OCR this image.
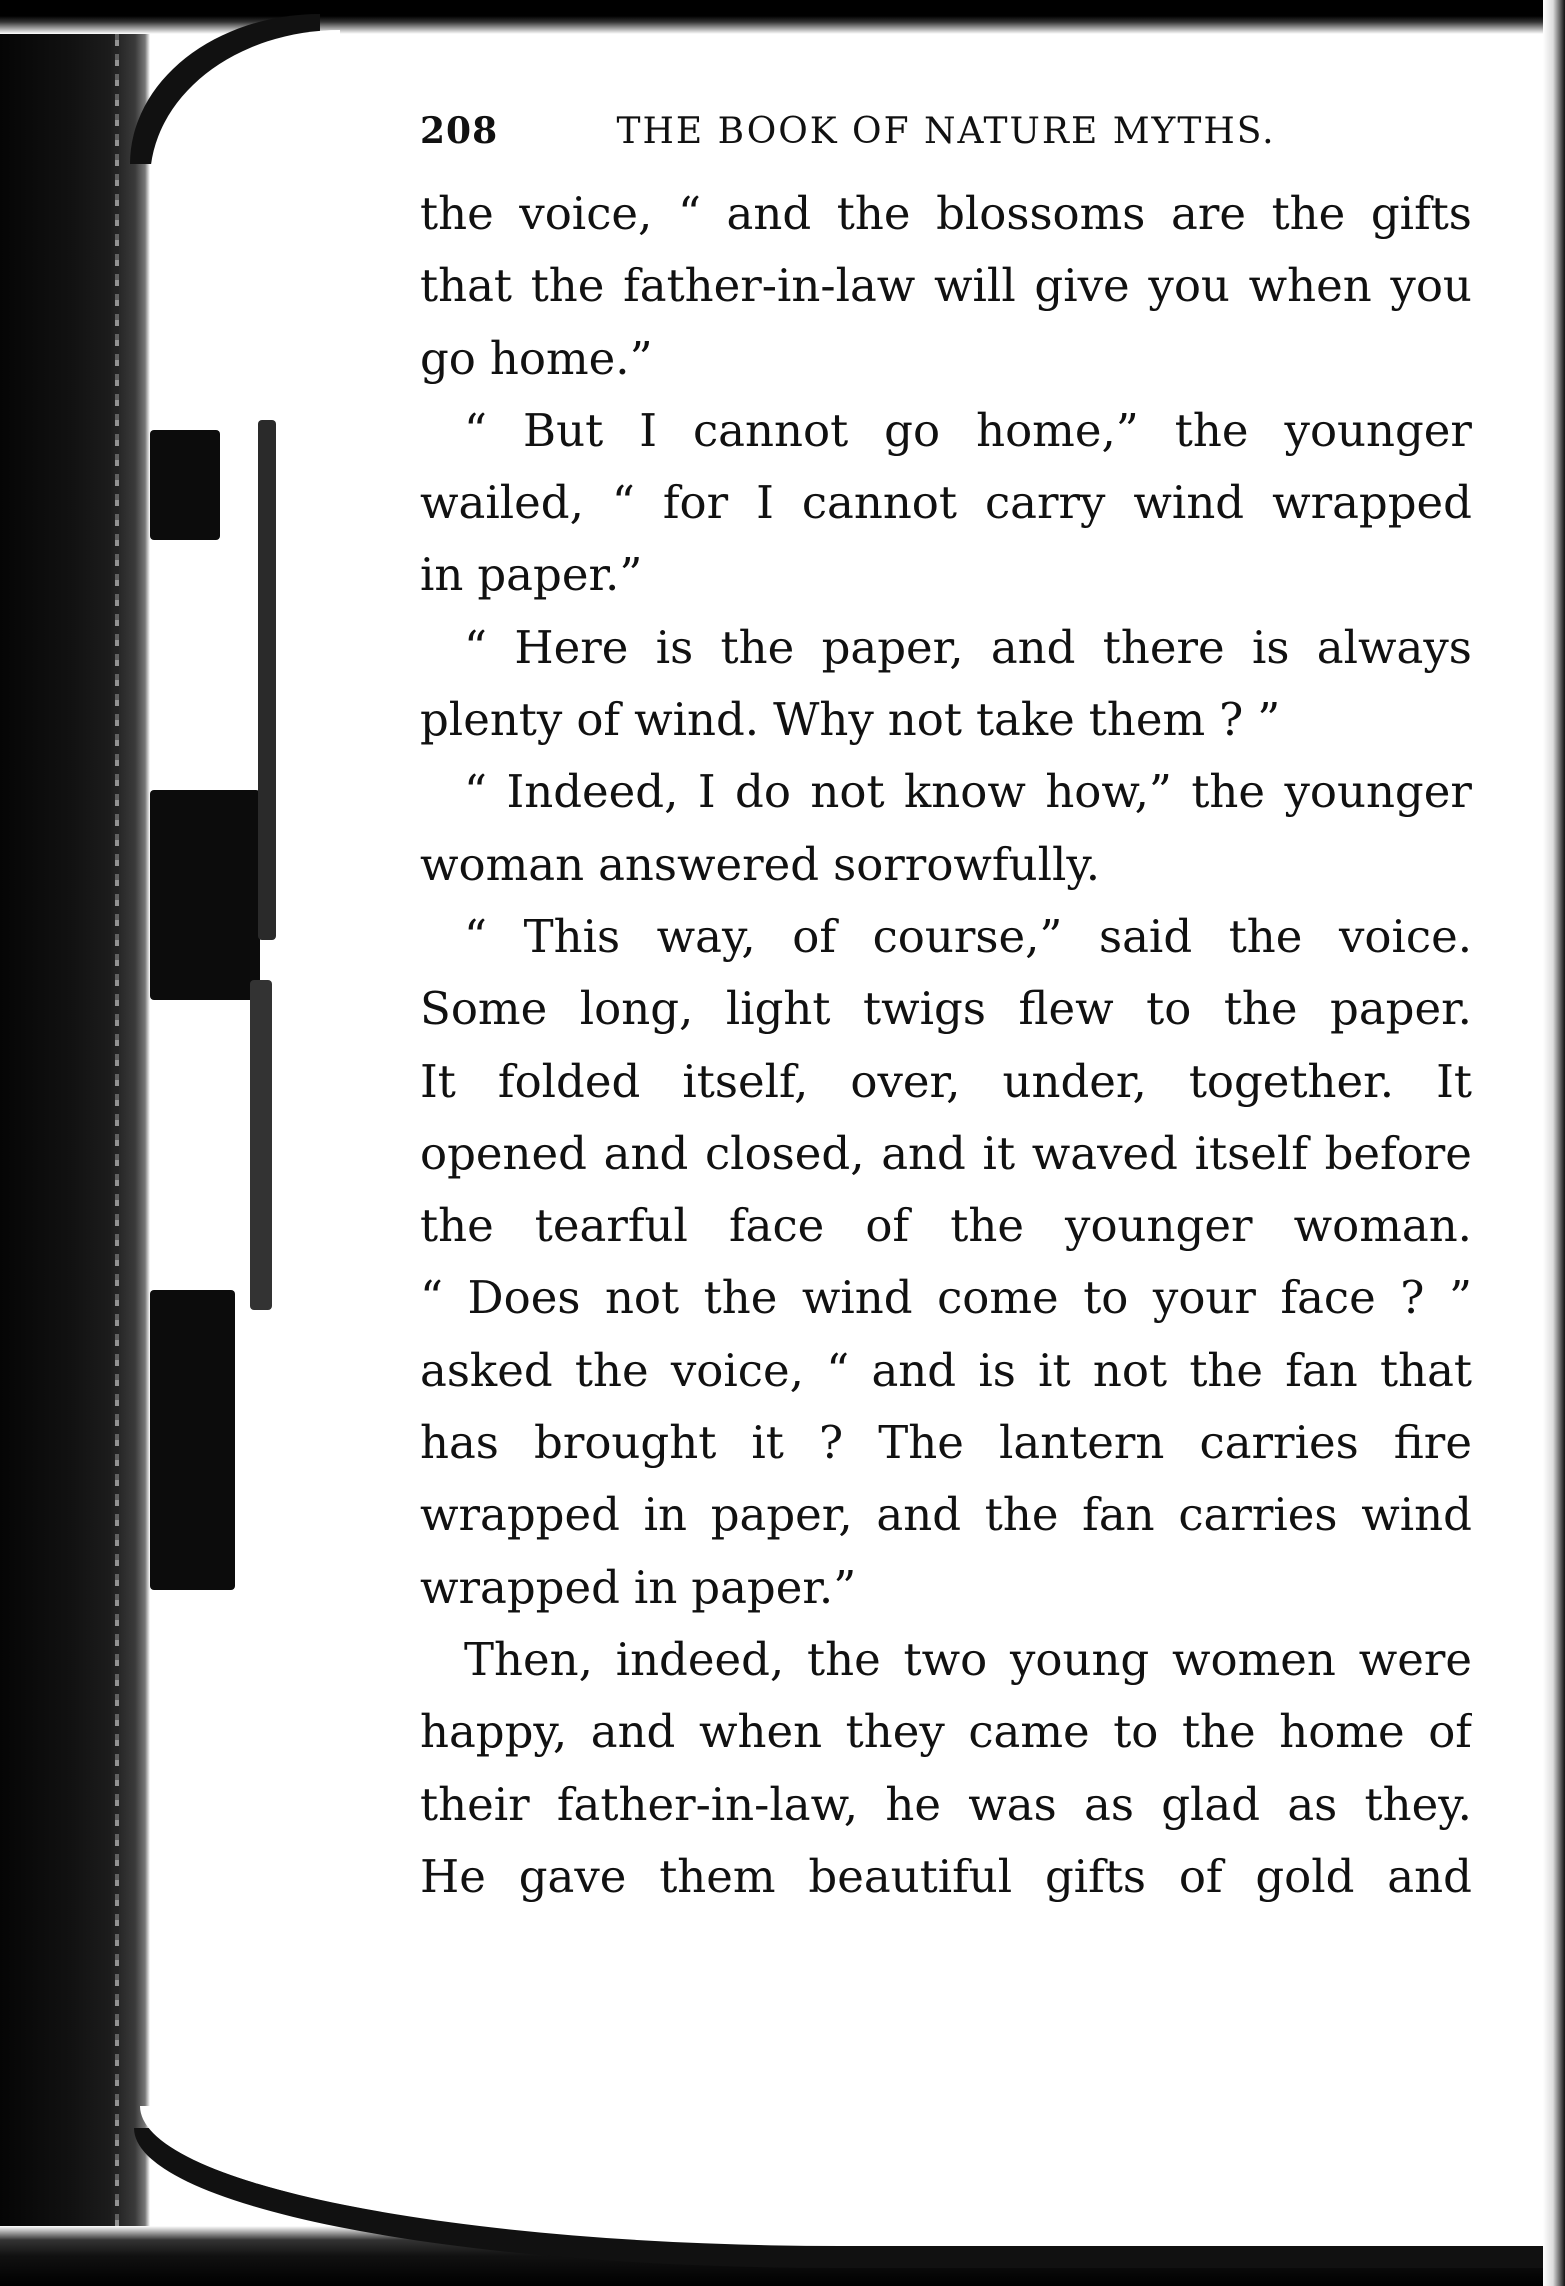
208	THE BOOK OF NATURE MYTHS.
the voice, “ and the blossoms are the gifts
that the father-in-law will give you when you
go home.”
“ But I cannot go home,” the younger
wailed, “ for I cannot carry wind wrapped
in paper.”
“ Here is the paper, and there is always
plenty of wind. Why not take them ? ”
“ Indeed, I do not know how,” the younger
woman answered sorrowfully.
“ This way, of course,” said the voice.
Some long, light twigs flew to the paper.
It folded itself, over, under, together. It
opened and closed, and it waved itself before
the tearful face of the younger woman.
“ Does not the wind come to your face ? ”
asked the voice, “ and is it not the fan that
has brought it ? The lantern carries fire
wrapped in paper, and the fan carries wind
wrapped in paper.”
Then, indeed, the two young women were
happy, and when they came to the home of
their father-in-law, he was as glad as they.
He gave them beautiful gifts of gold and
